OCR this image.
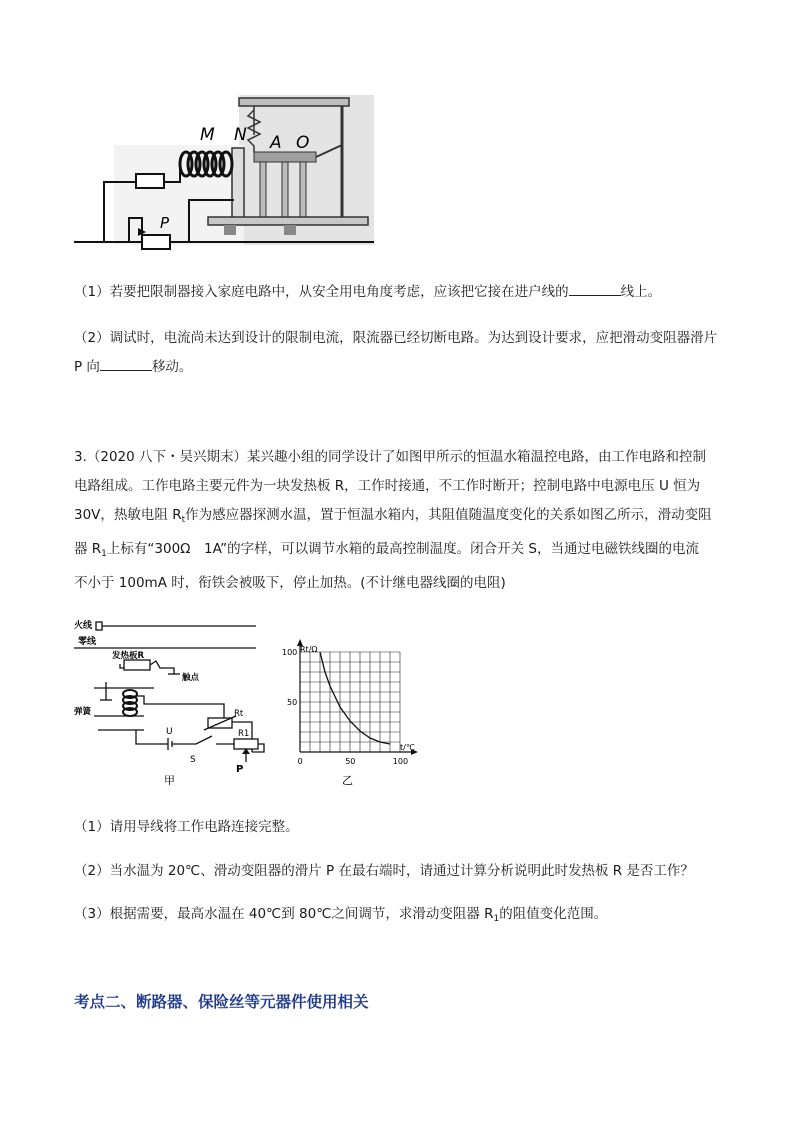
M N A O
P

（1）若要把限制器接入家庭电路中，从安全用电角度考虑，应该把它接在进户线的	线上。

（2）调试时，电流尚未达到设计的限制电流，限流器已经切断电路。为达到设计要求，应把滑动变阻器滑片 P 向	移动。

3.（2020 八下・吴兴期末）某兴趣小组的同学设计了如图甲所示的恒温水箱温控电路，由工作电路和控制
电路组成。工作电路主要元件为一块发热板 R，工作时接通，不工作时断开；控制电路中电源电压 U 恒为
30V，热敏电阻 $R_t$作为感应器探测水温，置于恒温水箱内，其阻值随温度变化的关系如图乙所示，滑动变阻
器 $R_1$上标有“300Ω　1A”的字样，可以调节水箱的最高控制温度。闭合开关 S，当通过电磁铁线圈的电流
不小于 100mA 时，衔铁会被吸下，停止加热。(不计继电器线圈的电阻)
火线
零线
发热板R
触点
弹簧	Rt
R1
U
S
P
甲
0	50	100
50
100 Rt/Ω
t/℃
乙

（1）请用导线将工作电路连接完整。

（2）当水温为 20℃、滑动变阻器的滑片 P 在最右端时，请通过计算分析说明此时发热板 R 是否工作？

（3）根据需要，最高水温在 40℃到 80℃之间调节，求滑动变阻器 $R_1$的阻值变化范围。

考点二、断路器、保险丝等元器件使用相关
